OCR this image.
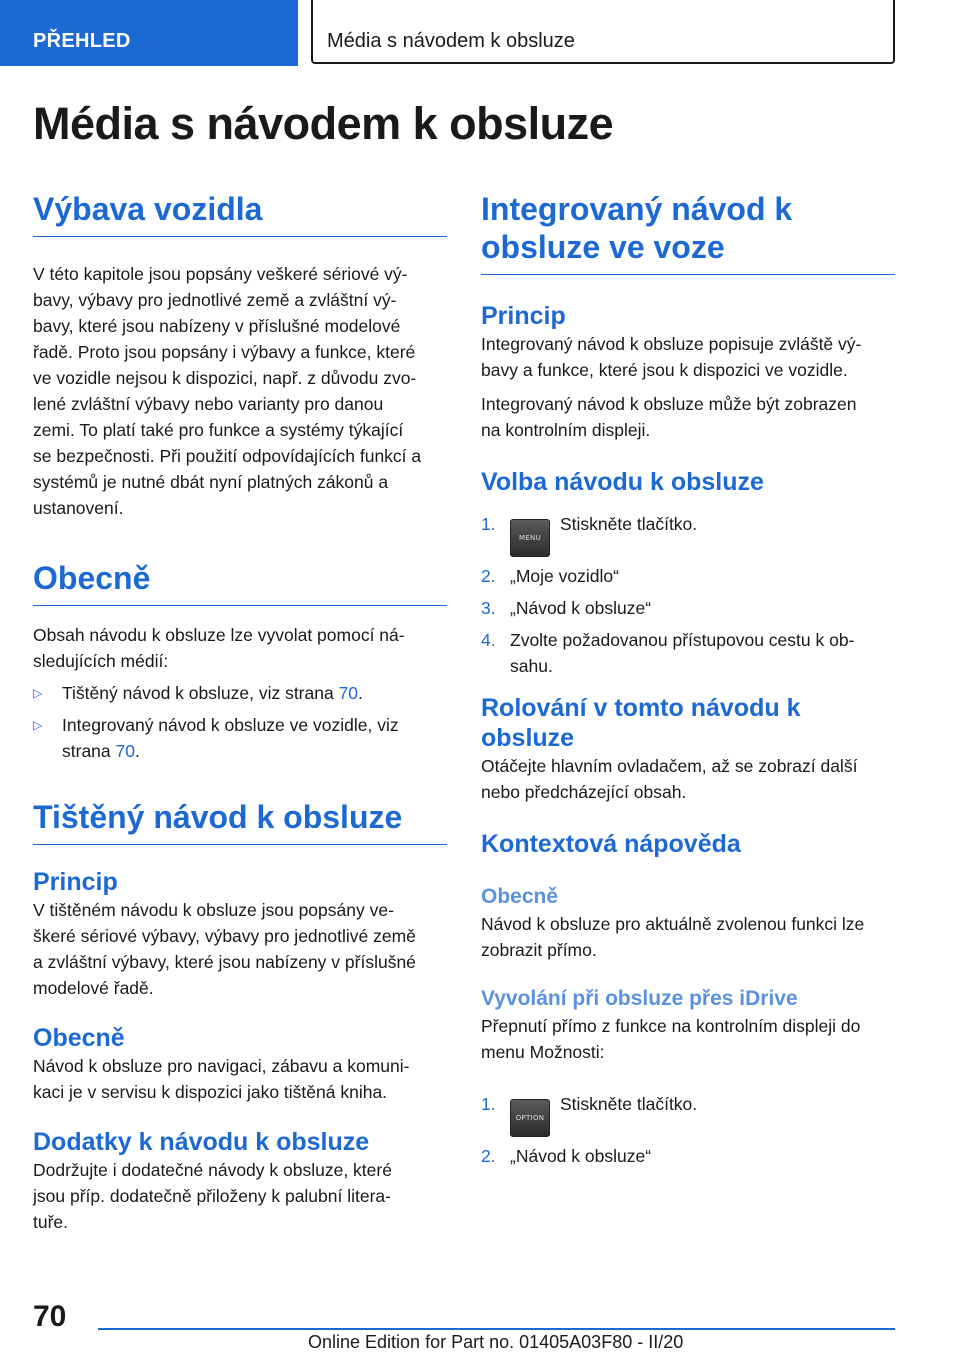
PŘEHLED	Média s návodem k obsluze
Média s návodem k obsluze
Výbava vozidla

V této kapitole jsou popsány veškeré sériové vý-
bavy, výbavy pro jednotlivé země a zvláštní vý-
bavy, které jsou nabízeny v příslušné modelové
řadě. Proto jsou popsány i výbavy a funkce, které
ve vozidle nejsou k dispozici, např. z důvodu zvo-
lené zvláštní výbavy nebo varianty pro danou
zemi. To platí také pro funkce a systémy týkající
se bezpečnosti. Při použití odpovídajících funkcí a
systémů je nutné dbát nyní platných zákonů a
ustanovení.

Obecně

Obsah návodu k obsluze lze vyvolat pomocí ná-
sledujících médií:

▷ Tištěný návod k obsluze, viz strana 70.
▷ Integrovaný návod k obsluze ve vozidle, viz
strana 70.
Tištěný návod k obsluze
Princip

V tištěném návodu k obsluze jsou popsány ve-
škeré sériové výbavy, výbavy pro jednotlivé země
a zvláštní výbavy, které jsou nabízeny v příslušné
modelové řadě.

Obecně

Návod k obsluze pro navigaci, zábavu a komuni-
kaci je v servisu k dispozici jako tištěná kniha.

Dodatky k návodu k obsluze

Dodržujte i dodatečné návody k obsluze, které
jsou příp. dodatečně přiloženy k palubní litera-
tuře.

Integrovaný návod k
obsluze ve voze
Princip

Integrovaný návod k obsluze popisuje zvláště vý-
bavy a funkce, které jsou k dispozici ve vozidle.

Integrovaný návod k obsluze může být zobrazen
na kontrolním displeji.

Volba návodu k obsluze
1.
MENUStiskněte tlačítko.
2. „Moje vozidlo“
3. „Návod k obsluze“
4. Zvolte požadovanou přístupovou cestu k ob-
sahu.
Rolování v tomto návodu k
obsluze

Otáčejte hlavním ovladačem, až se zobrazí další
nebo předcházející obsah.

Kontextová nápověda
Obecně

Návod k obsluze pro aktuálně zvolenou funkci lze
zobrazit přímo.

Vyvolání při obsluze přes iDrive

Přepnutí přímo z funkce na kontrolním displeji do
menu Možnosti:

1.
OPTIONStiskněte tlačítko.
2. „Návod k obsluze“
70
Online Edition for Part no. 01405A03F80 - II/20
